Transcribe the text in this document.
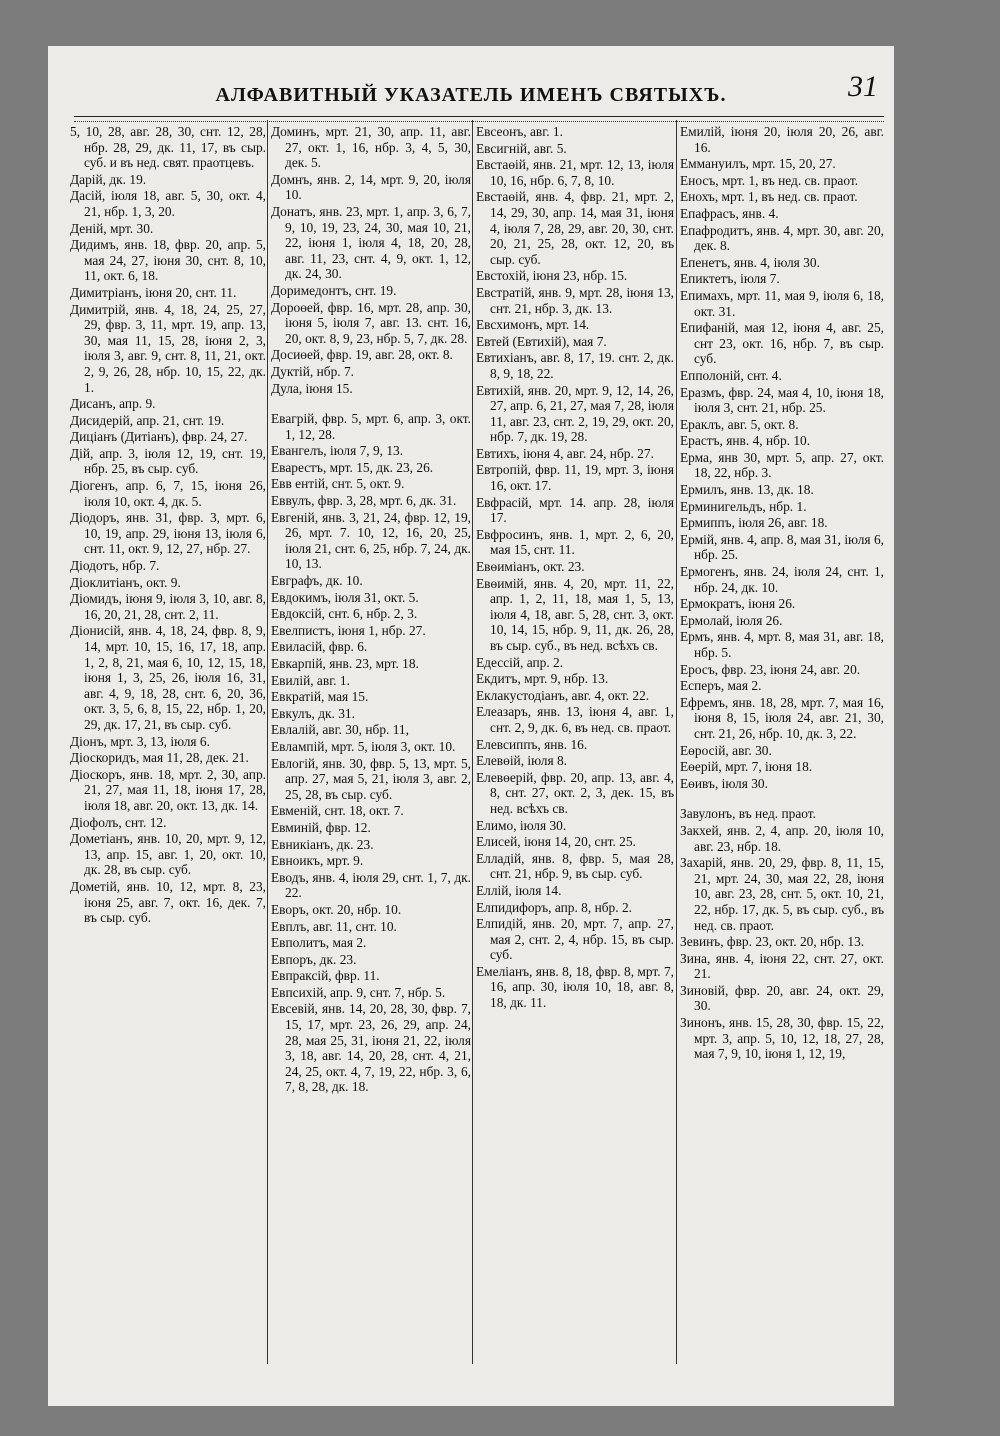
АЛФАВИТНЫЙ УКАЗАТЕЛЬ ИМЕНЪ СВЯТЫХЪ.	31
5, 10, 28, авг. 28, 30, снт. 12, 28, нбр. 28, 29, дк. 11, 17, въ сыр. суб. и въ нед. свят. праотцевъ.
Дарій, дк. 19.
Дасій, іюля 18, авг. 5, 30, окт. 4, 21, нбр. 1, 3, 20.
Деній, мрт. 30.
Дидимъ, янв. 18, фвр. 20, апр. 5, мая 24, 27, іюня 30, снт. 8, 10, 11, окт. 6, 18.
Димитріанъ, іюня 20, снт. 11.
Димитрій, янв. 4, 18, 24, 25, 27, 29, фвр. 3, 11, мрт. 19, апр. 13, 30, мая 11, 15, 28, іюня 2, 3, іюля 3, авг. 9, снт. 8, 11, 21, окт. 2, 9, 26, 28, нбр. 10, 15, 22, дк. 1.
Дисанъ, апр. 9.
Дисидерій, апр. 21, снт. 19.
Диціанъ (Дитіанъ), фвр. 24, 27.
Дій, апр. 3, іюля 12, 19, снт. 19, нбр. 25, въ сыр. суб.
Діогенъ, апр. 6, 7, 15, іюня 26, іюля 10, окт. 4, дк. 5.
Діодоръ, янв. 31, фвр. 3, мрт. 6, 10, 19, апр. 29, іюня 13, іюля 6, снт. 11, окт. 9, 12, 27, нбр. 27.
Діодотъ, нбр. 7.
Діоклитіанъ, окт. 9.
Діомидъ, іюня 9, іюля 3, 10, авг. 8, 16, 20, 21, 28, снт. 2, 11.
Діонисій, янв. 4, 18, 24, фвр. 8, 9, 14, мрт. 10, 15, 16, 17, 18, апр. 1, 2, 8, 21, мая 6, 10, 12, 15, 18, іюня 1, 3, 25, 26, іюля 16, 31, авг. 4, 9, 18, 28, снт. 6, 20, 36, окт. 3, 5, 6, 8, 15, 22, нбр. 1, 20, 29, дк. 17, 21, въ сыр. суб.
Діонъ, мрт. 3, 13, іюля 6.
Діоскоридъ, мая 11, 28, дек. 21.
Діоскоръ, янв. 18, мрт. 2, 30, апр. 21, 27, мая 11, 18, іюня 17, 28, іюля 18, авг. 20, окт. 13, дк. 14.
Діофолъ, снт. 12.
Дометіанъ, янв. 10, 20, мрт. 9, 12, 13, апр. 15, авг. 1, 20, окт. 10, дк. 28, въ сыр. суб.
Дометій, янв. 10, 12, мрт. 8, 23, іюня 25, авг. 7, окт. 16, дек. 7, въ сыр. суб.
Доминъ, мрт. 21, 30, апр. 11, авг. 27, окт. 1, 16, нбр. 3, 4, 5, 30, дек. 5.
Домнъ, янв. 2, 14, мрт. 9, 20, іюля 10.
Донатъ, янв. 23, мрт. 1, апр. 3, 6, 7, 9, 10, 19, 23, 24, 30, мая 10, 21, 22, іюня 1, іюля 4, 18, 20, 28, авг. 11, 23, снт. 4, 9, окт. 1, 12, дк. 24, 30.
Доримедонтъ, снт. 19.
Дороѳей, фвр. 16, мрт. 28, апр. 30, іюня 5, іюля 7, авг. 13. снт. 16, 20, окт. 8, 9, 23, нбр. 5, 7, дк. 28.
Досиѳей, фвр. 19, авг. 28, окт. 8.
Дуктій, нбр. 7.
Дула, іюня 15.
Евагрій, фвр. 5, мрт. 6, апр. 3, окт. 1, 12, 28.
Евангелъ, іюля 7, 9, 13.
Еварестъ, мрт. 15, дк. 23, 26.
Евв ентій, снт. 5, окт. 9.
Еввулъ, фвр. 3, 28, мрт. 6, дк. 31.
Евгеній, янв. 3, 21, 24, фвр. 12, 19, 26, мрт. 7. 10, 12, 16, 20, 25, іюля 21, снт. 6, 25, нбр. 7, 24, дк. 10, 13.
Евграфъ, дк. 10.
Евдокимъ, іюля 31, окт. 5.
Евдоксій, снт. 6, нбр. 2, 3.
Евелпистъ, іюня 1, нбр. 27.
Евиласій, фвр. 6.
Евкарпій, янв. 23, мрт. 18.
Евилій, авг. 1.
Евкратій, мая 15.
Евкулъ, дк. 31.
Евлалій, авг. 30, нбр. 11,
Евлампій, мрт. 5, іюля 3, окт. 10.
Евлогій, янв. 30, фвр. 5, 13, мрт. 5, апр. 27, мая 5, 21, іюля 3, авг. 2, 25, 28, въ сыр. суб.
Евменій, снт. 18, окт. 7.
Евминій, фвр. 12.
Евникіанъ, дк. 23.
Евноикъ, мрт. 9.
Еводъ, янв. 4, іюля 29, снт. 1, 7, дк. 22.
Еворъ, окт. 20, нбр. 10.
Евплъ, авг. 11, снт. 10.
Евполитъ, мая 2.
Евпоръ, дк. 23.
Евпраксій, фвр. 11.
Евпсихій, апр. 9, снт. 7, нбр. 5.
Евсевій, янв. 14, 20, 28, 30, фвр. 7, 15, 17, мрт. 23, 26, 29, апр. 24, 28, мая 25, 31, іюня 21, 22, іюля 3, 18, авг. 14, 20, 28, снт. 4, 21, 24, 25, окт. 4, 7, 19, 22, нбр. 3, 6, 7, 8, 28, дк. 18.
Евсеонъ, авг. 1.
Евсигній, авг. 5.
Евстаѳій, янв. 21, мрт. 12, 13, іюля 10, 16, нбр. 6, 7, 8, 10.
Евстаѳій, янв. 4, фвр. 21, мрт. 2, 14, 29, 30, апр. 14, мая 31, іюня 4, іюля 7, 28, 29, авг. 20, 30, снт. 20, 21, 25, 28, окт. 12, 20, въ сыр. суб.
Евстохій, іюня 23, нбр. 15.
Евстратій, янв. 9, мрт. 28, іюня 13, снт. 21, нбр. 3, дк. 13.
Евсхимонъ, мрт. 14.
Евтей (Евтихій), мая 7.
Евтихіанъ, авг. 8, 17, 19. снт. 2, дк. 8, 9, 18, 22.
Евтихій, янв. 20, мрт. 9, 12, 14, 26, 27, апр. 6, 21, 27, мая 7, 28, іюля 11, авг. 23, снт. 2, 19, 29, окт. 20, нбр. 7, дк. 19, 28.
Евтихъ, іюня 4, авг. 24, нбр. 27.
Евтропій, фвр. 11, 19, мрт. 3, іюня 16, окт. 17.
Евфрасій, мрт. 14. апр. 28, іюля 17.
Евфросинъ, янв. 1, мрт. 2, 6, 20, мая 15, снт. 11.
Евѳиміанъ, окт. 23.
Евѳимій, янв. 4, 20, мрт. 11, 22, апр. 1, 2, 11, 18, мая 1, 5, 13, іюля 4, 18, авг. 5, 28, снт. 3, окт. 10, 14, 15, нбр. 9, 11, дк. 26, 28, въ сыр. суб., въ нед. всѣхъ св.
Едессій, апр. 2.
Екдитъ, мрт. 9, нбр. 13.
Еклакустодіанъ, авг. 4, окт. 22.
Елеазаръ, янв. 13, іюня 4, авг. 1, снт. 2, 9, дк. 6, въ нед. св. праот.
Елевсиппъ, янв. 16.
Елевѳій, іюля 8.
Елевѳерій, фвр. 20, апр. 13, авг. 4, 8, снт. 27, окт. 2, 3, дек. 15, въ нед. всѣхъ св.
Елимо, іюля 30.
Елисей, іюня 14, 20, снт. 25.
Елладій, янв. 8, фвр. 5, мая 28, снт. 21, нбр. 9, въ сыр. суб.
Еллій, іюля 14.
Елпидифоръ, апр. 8, нбр. 2.
Елпидій, янв. 20, мрт. 7, апр. 27, мая 2, снт. 2, 4, нбр. 15, въ сыр. суб.
Емеліанъ, янв. 8, 18, фвр. 8, мрт. 7, 16, апр. 30, іюля 10, 18, авг. 8, 18, дк. 11.
Емилій, іюня 20, іюля 20, 26, авг. 16.
Еммануилъ, мрт. 15, 20, 27.
Еносъ, мрт. 1, въ нед. св. праот.
Енохъ, мрт. 1, въ нед. св. праот.
Епафрасъ, янв. 4.
Епафродитъ, янв. 4, мрт. 30, авг. 20, дек. 8.
Епенетъ, янв. 4, іюля 30.
Епиктетъ, іюля 7.
Епимахъ, мрт. 11, мая 9, іюля 6, 18, окт. 31.
Епифаній, мая 12, іюня 4, авг. 25, снт 23, окт. 16, нбр. 7, въ сыр. суб.
Епполоній, снт. 4.
Еразмъ, фвр. 24, мая 4, 10, іюня 18, іюля 3, снт. 21, нбр. 25.
Ераклъ, авг. 5, окт. 8.
Ерастъ, янв. 4, нбр. 10.
Ерма, янв 30, мрт. 5, апр. 27, окт. 18, 22, нбр. 3.
Ермилъ, янв. 13, дк. 18.
Ерминигельдъ, нбр. 1.
Ермиппъ, іюля 26, авг. 18.
Ермій, янв. 4, апр. 8, мая 31, іюля 6, нбр. 25.
Ермогенъ, янв. 24, іюля 24, снт. 1, нбр. 24, дк. 10.
Ермократъ, іюня 26.
Ермолай, іюля 26.
Ермъ, янв. 4, мрт. 8, мая 31, авг. 18, нбр. 5.
Еросъ, фвр. 23, іюня 24, авг. 20.
Есперъ, мая 2.
Ефремъ, янв. 18, 28, мрт. 7, мая 16, іюня 8, 15, іюля 24, авг. 21, 30, снт. 21, 26, нбр. 10, дк. 3, 22.
Еѳросій, авг. 30.
Еѳерій, мрт. 7, іюня 18.
Еѳивъ, іюля 30.
Завулонъ, въ нед. праот.
Закхей, янв. 2, 4, апр. 20, іюля 10, авг. 23, нбр. 18.
Захарій, янв. 20, 29, фвр. 8, 11, 15, 21, мрт. 24, 30, мая 22, 28, іюня 10, авг. 23, 28, снт. 5, окт. 10, 21, 22, нбр. 17, дк. 5, въ сыр. суб., въ нед. св. праот.
Зевинъ, фвр. 23, окт. 20, нбр. 13.
Зина, янв. 4, іюня 22, снт. 27, окт. 21.
Зиновій, фвр. 20, авг. 24, окт. 29, 30.
Зинонъ, янв. 15, 28, 30, фвр. 15, 22, мрт. 3, апр. 5, 10, 12, 18, 27, 28, мая 7, 9, 10, іюня 1, 12, 19,
